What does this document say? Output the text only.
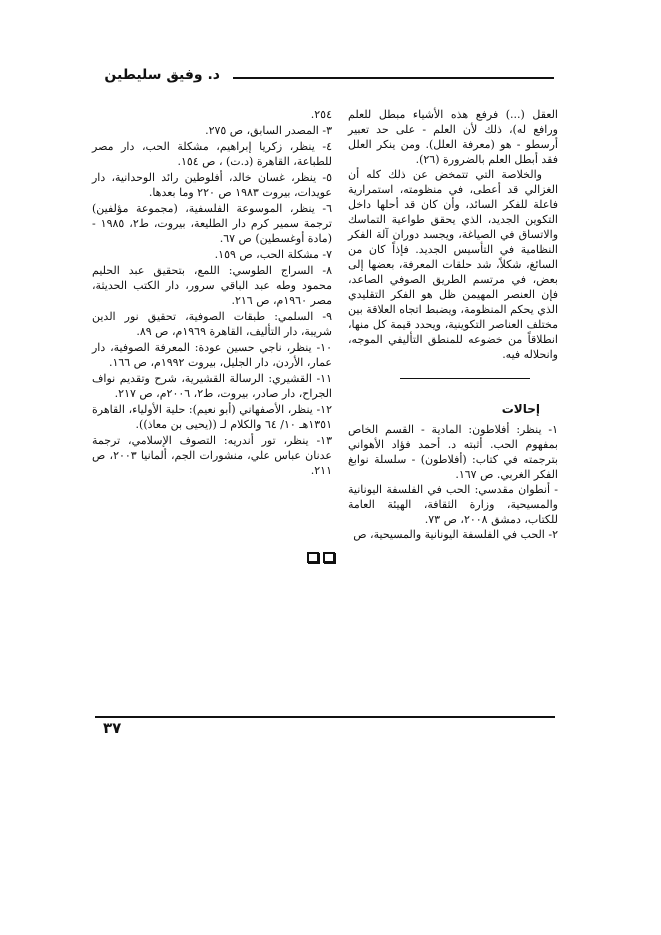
د. وفيق سليطين

العقل (...) فرفع هذه الأشياء مبطل للعلم ورافع له)، ذلك لأن العلم - على حد تعبير أرسطو - هو (معرفة العلل). ومن ينكر العلل فقد أبطل العلم بالضرورة (٢٦).

والخلاصة التي تتمخض عن ذلك كله أن الغزالي قد أعطى، في منظومته، استمرارية فاعلة للفكر السائد، وأن كان قد أحلها داخل التكوين الجديد، الذي يحقق طواعية التماسك والاتساق في الصياغة، ويجسد دوران آلة الفكر النظامية في التأسيس الجديد. فإذاً كان من السائغ، شكلاً، شد حلقات المعرفة، بعضها إلى بعض، في مرتسم الطريق الصوفي الصاعد، فإن العنصر المهيمن ظل هو الفكر التقليدي الذي يحكم المنظومة، ويضبط اتجاه العلاقة بين مختلف العناصر التكوينية، ويحدد قيمة كل منها، انطلاقاً من خضوعه للمنطق التأليفي الموجه، وانحلاله فيه.

إحالات

١- ينظر: أفلاطون: المادية - القسم الخاص بمفهوم الحب. أثبته د. أحمد فؤاد الأهواني بترجمته في كتاب: (أفلاطون) - سلسلة نوابغ الفكر الغربي. ص ١٦٧.

- أنطوان مقدسي: الحب في الفلسفة اليونانية والمسيحية، وزارة الثقافة، الهيئة العامة للكتاب، دمشق ٢٠٠٨، ص ٧٣.

٢- الحب في الفلسفة اليونانية والمسيحية، ص

٢٥٤.

٣- المصدر السابق، ص ٢٧٥.

٤- ينظر، زكريا إبراهيم، مشكلة الحب، دار مصر للطباعة، القاهرة (د.ت) ، ص ١٥٤.

٥- ينظر، غسان خالد، أفلوطين رائد الوحدانية، دار عويدات، بيروت ١٩٨٣ ص ٢٢٠ وما بعدها.

٦- ينظر، الموسوعة الفلسفية، (مجموعة مؤلفين) ترجمة سمير كرم دار الطليعة، بيروت، ط٢، ١٩٨٥ - (مادة أوغسطين) ص ٦٧.

٧- مشكلة الحب، ص ١٥٩.

٨- السراج الطوسي: اللمع، بتحقيق عبد الحليم محمود وطه عبد الباقي سرور، دار الكتب الحديثة، مصر ١٩٦٠م، ص ٢١٦.

٩- السلمي: طبقات الصوفية، تحقيق نور الدين شريبة، دار التأليف، القاهرة ١٩٦٩م، ص ٨٩.

١٠- ينظر، ناجي حسين عودة: المعرفة الصوفية، دار عمار، الأردن، دار الجليل، بيروت ١٩٩٢م، ص ١٦٦.

١١- القشيري: الرسالة القشيرية، شرح وتقديم نواف الجراح، دار صادر، بيروت، ط٢، ٢٠٠٦م، ص ٢١٧.

١٢- ينظر، الأصفهاني (أبو نعيم): حلية الأولياء، القاهرة ١٣٥١هـ ١٠/ ٦٤ والكلام لـ ((يحيى بن معاذ)).

١٣- ينظر، تور أندريه: التصوف الإسلامي، ترجمة عدنان عباس علي، منشورات الجم، ألمانيا ٢٠٠٣، ص ٢١١.

٣٧
